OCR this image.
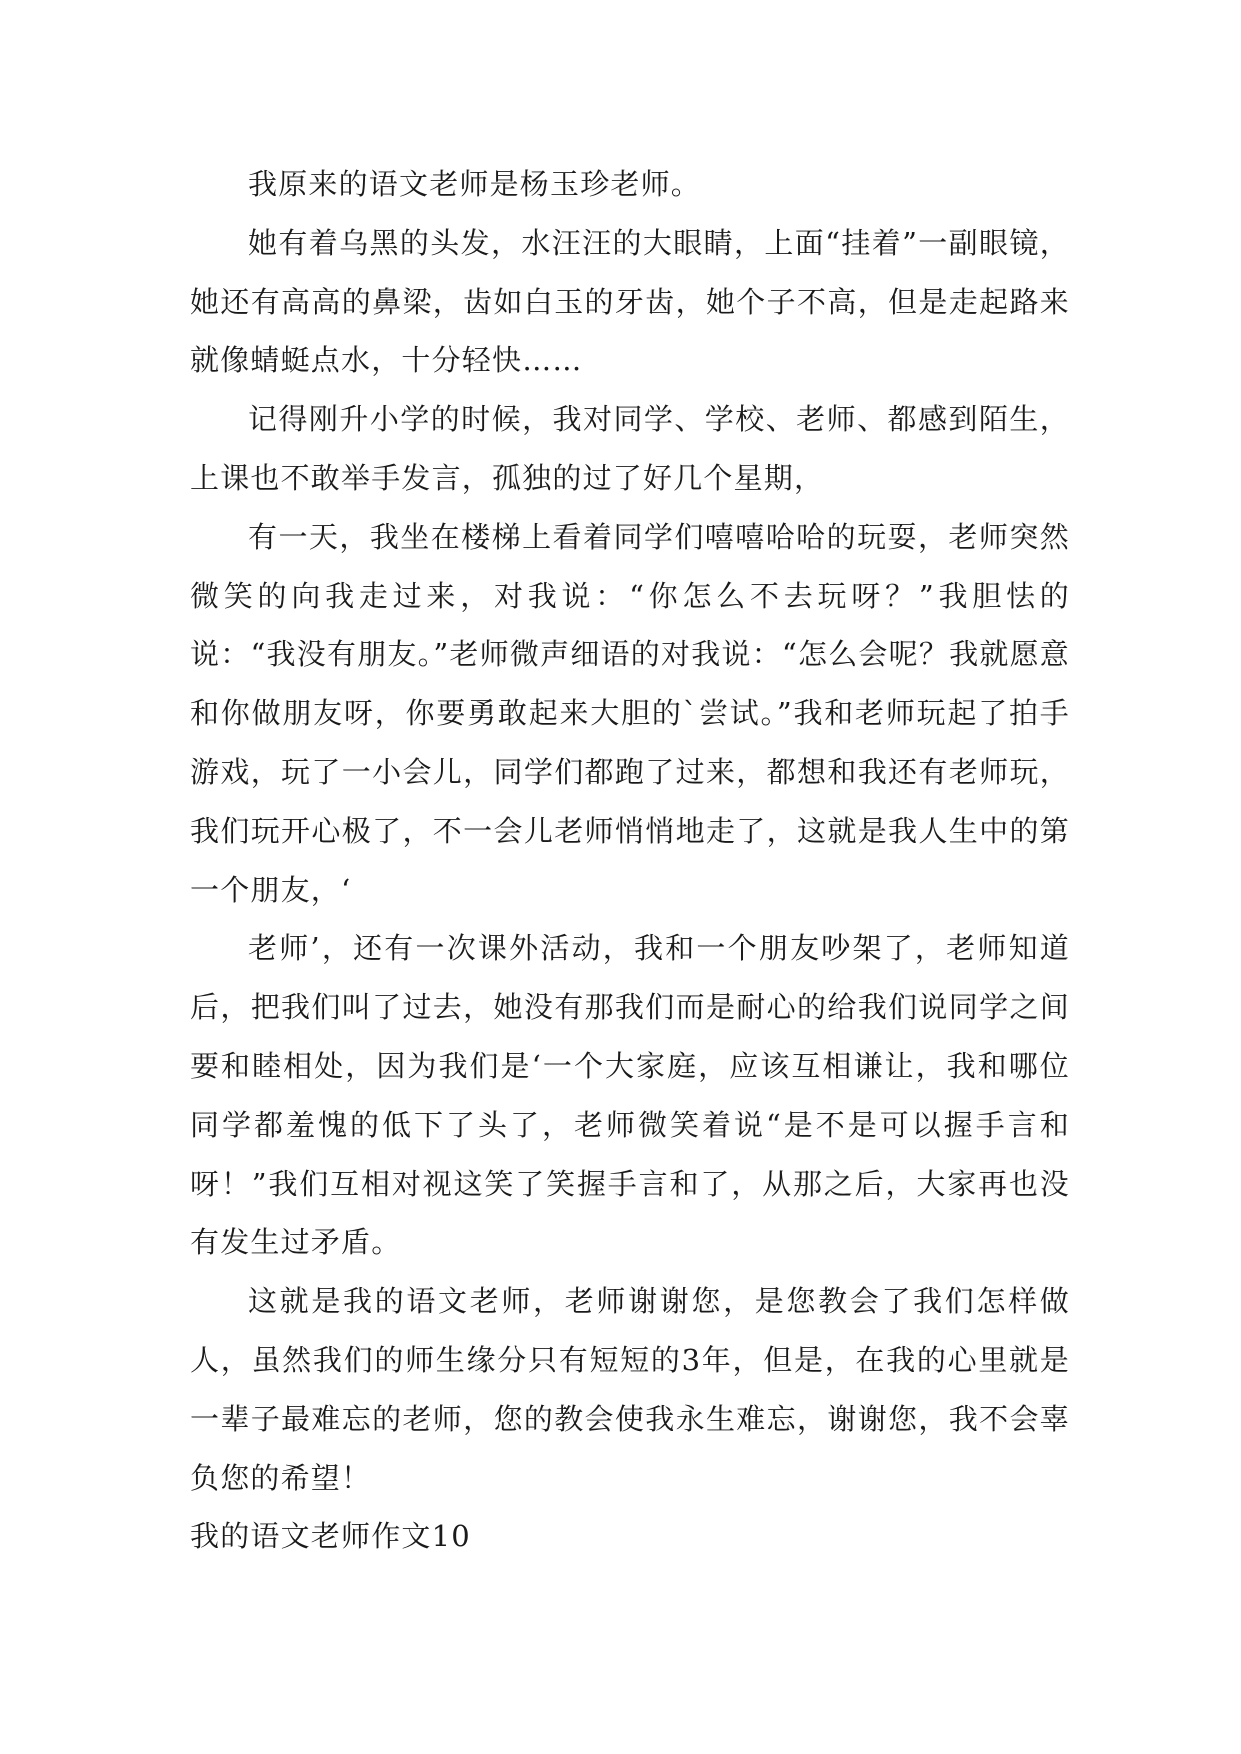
我原来的语文老师是杨玉珍老师。

她有着乌黑的头发，水汪汪的大眼睛，上面“挂着”一副眼镜，她还有高高的鼻梁，齿如白玉的牙齿，她个子不高，但是走起路来就像蜻蜓点水，十分轻快……

记得刚升小学的时候，我对同学、学校、老师、都感到陌生，上课也不敢举手发言，孤独的过了好几个星期，

有一天，我坐在楼梯上看着同学们嘻嘻哈哈的玩耍，老师突然微笑的向我走过来，对我说：“你怎么不去玩呀？”我胆怯的说：“我没有朋友。”老师微声细语的对我说：“怎么会呢？我就愿意和你做朋友呀，你要勇敢起来大胆的`尝试。”我和老师玩起了拍手游戏，玩了一小会儿，同学们都跑了过来，都想和我还有老师玩，我们玩开心极了，不一会儿老师悄悄地走了，这就是我人生中的第一个朋友，‘

老师’，还有一次课外活动，我和一个朋友吵架了，老师知道后，把我们叫了过去，她没有那我们而是耐心的给我们说同学之间要和睦相处，因为我们是‘一个大家庭，应该互相谦让，我和哪位同学都羞愧的低下了头了，老师微笑着说“是不是可以握手言和呀！”我们互相对视这笑了笑握手言和了，从那之后，大家再也没有发生过矛盾。

这就是我的语文老师，老师谢谢您，是您教会了我们怎样做人，虽然我们的师生缘分只有短短的3年，但是，在我的心里就是一辈子最难忘的老师，您的教会使我永生难忘，谢谢您，我不会辜负您的希望！

我的语文老师作文10
